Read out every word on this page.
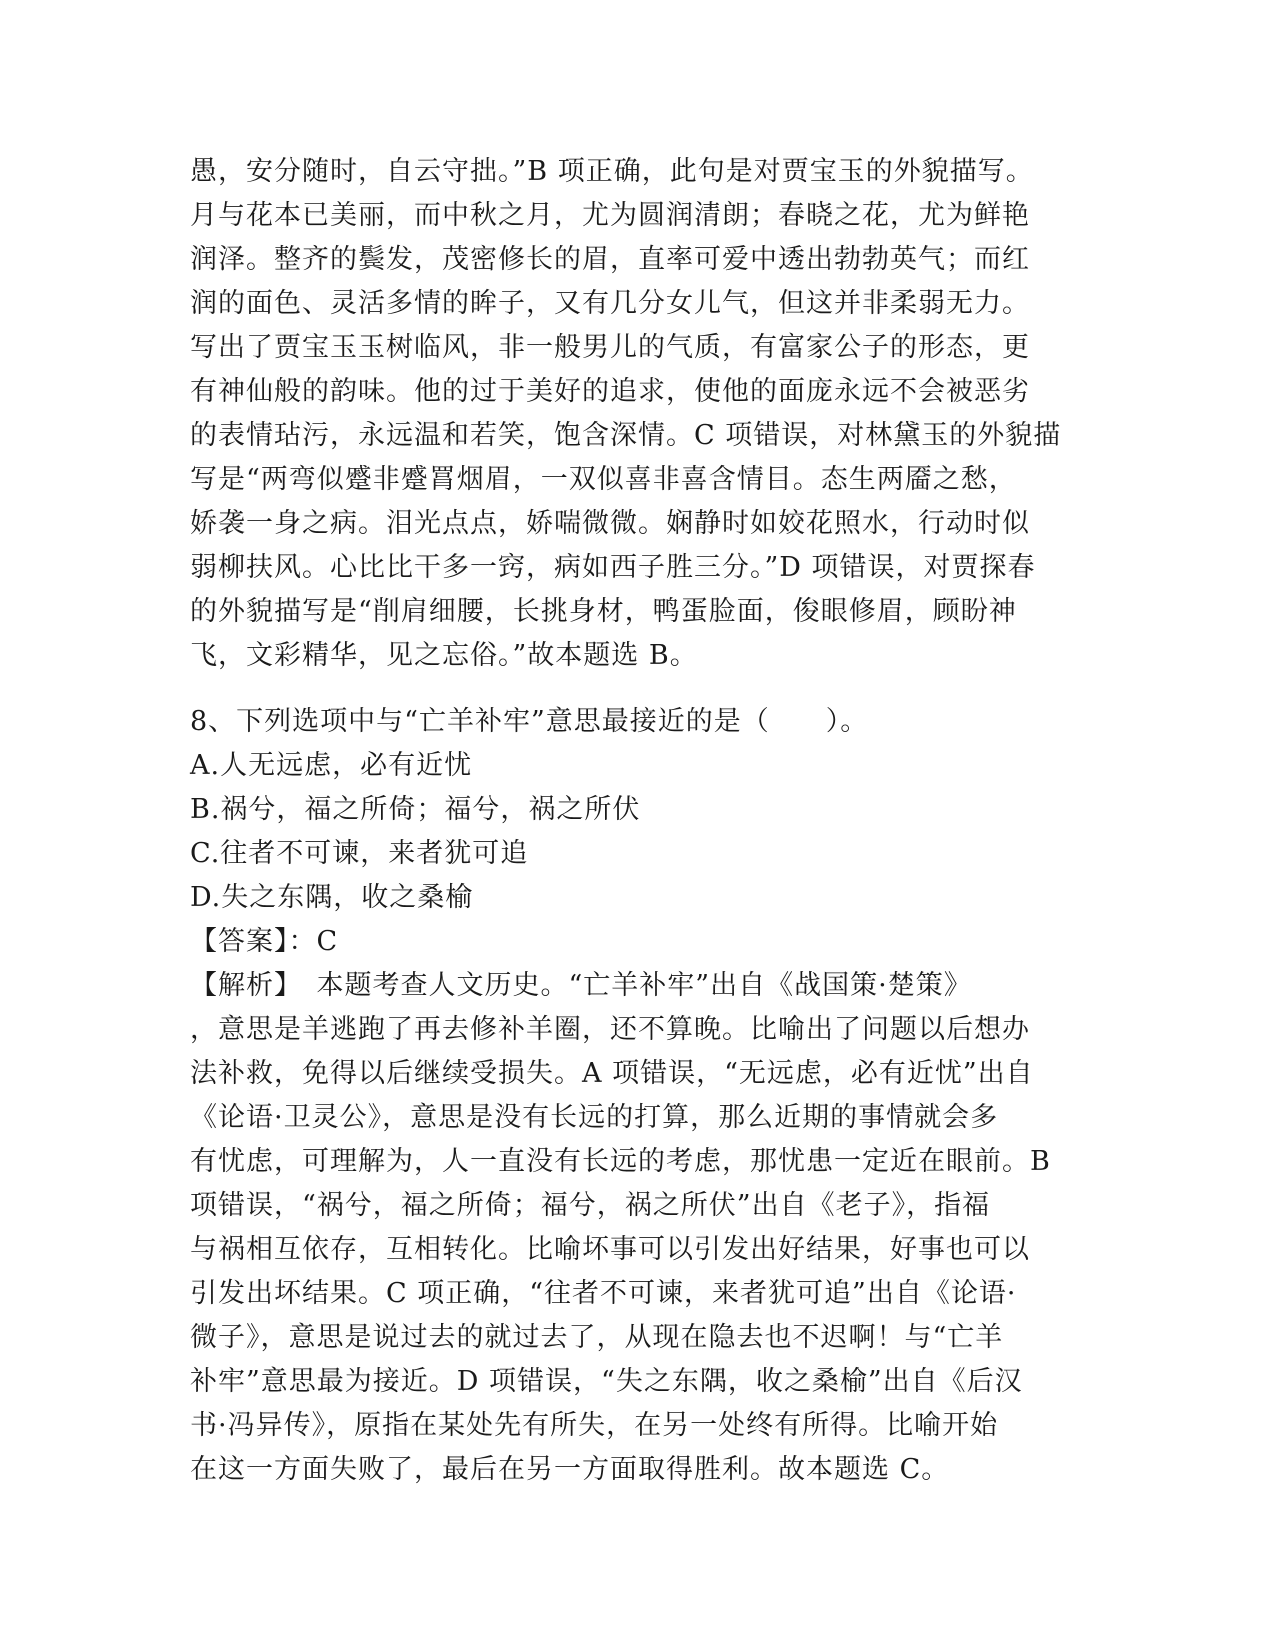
愚，安分随时，自云守拙。”B 项正确，此句是对贾宝玉的外貌描写。
月与花本已美丽，而中秋之月，尤为圆润清朗；春晓之花，尤为鲜艳
润泽。整齐的鬓发，茂密修长的眉，直率可爱中透出勃勃英气；而红
润的面色、灵活多情的眸子，又有几分女儿气，但这并非柔弱无力。
写出了贾宝玉玉树临风，非一般男儿的气质，有富家公子的形态，更
有神仙般的韵味。他的过于美好的追求，使他的面庞永远不会被恶劣
的表情玷污，永远温和若笑，饱含深情。C 项错误，对林黛玉的外貌描
写是“两弯似蹙非蹙罥烟眉，一双似喜非喜含情目。态生两靥之愁，
娇袭一身之病。泪光点点，娇喘微微。娴静时如姣花照水，行动时似
弱柳扶风。心比比干多一窍，病如西子胜三分。”D 项错误，对贾探春
的外貌描写是“削肩细腰，长挑身材，鸭蛋脸面，俊眼修眉，顾盼神
飞，文彩精华，见之忘俗。”故本题选 B。
8、下列选项中与“亡羊补牢”意思最接近的是（　　）。
A.人无远虑，必有近忧
B.祸兮，福之所倚；福兮，祸之所伏
C.往者不可谏，来者犹可追
D.失之东隅，收之桑榆
【答案】：C
【解析】　本题考查人文历史。“亡羊补牢”出自《战国策·楚策》
，意思是羊逃跑了再去修补羊圈，还不算晚。比喻出了问题以后想办
法补救，免得以后继续受损失。A 项错误，“无远虑，必有近忧”出自
《论语·卫灵公》，意思是没有长远的打算，那么近期的事情就会多
有忧虑，可理解为，人一直没有长远的考虑，那忧患一定近在眼前。B
项错误，“祸兮，福之所倚；福兮，祸之所伏”出自《老子》，指福
与祸相互依存，互相转化。比喻坏事可以引发出好结果，好事也可以
引发出坏结果。C 项正确，“往者不可谏，来者犹可追”出自《论语·
微子》，意思是说过去的就过去了，从现在隐去也不迟啊！与“亡羊
补牢”意思最为接近。D 项错误，“失之东隅，收之桑榆”出自《后汉
书·冯异传》，原指在某处先有所失，在另一处终有所得。比喻开始
在这一方面失败了，最后在另一方面取得胜利。故本题选 C。
